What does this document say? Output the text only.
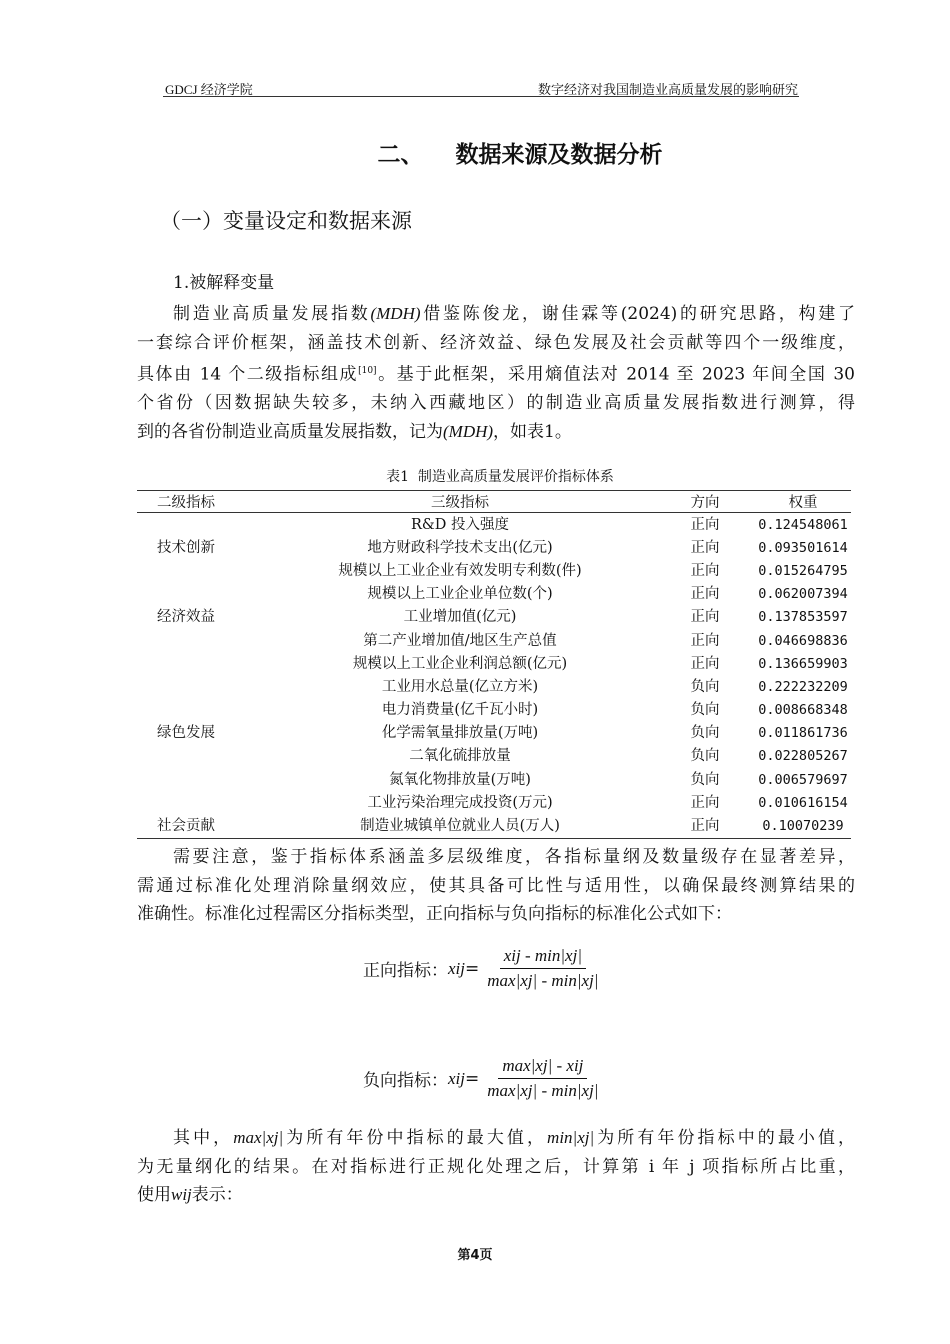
GDCJ 经济学院	数字经济对我国制造业高质量发展的影响研究
二、    数据来源及数据分析
（一）变量设定和数据来源
1.被解释变量
制造业高质量发展指数(MDH)借鉴陈俊龙，谢佳霖等(2024)的研究思路，构建了
一套综合评价框架，涵盖技术创新、经济效益、绿色发展及社会贡献等四个一级维度，
具体由 14 个二级指标组成[10]。基于此框架，采用熵值法对 2014 至 2023 年间全国 30
个省份（因数据缺失较多，未纳入西藏地区）的制造业高质量发展指数进行测算，得
到的各省份制造业高质量发展指数，记为(MDH)，如表1。
表1  制造业高质量发展评价指标体系
二级指标	三级指标	方向	权重
	R&D 投入强度	正向	0.124548061
技术创新	地方财政科学技术支出(亿元)	正向	0.093501614
	规模以上工业企业有效发明专利数(件)	正向	0.015264795
	规模以上工业企业单位数(个)	正向	0.062007394
经济效益	工业增加值(亿元)	正向	0.137853597
	第二产业增加值/地区生产总值	正向	0.046698836
	规模以上工业企业利润总额(亿元)	正向	0.136659903
	工业用水总量(亿立方米)	负向	0.222232209
	电力消费量(亿千瓦小时)	负向	0.008668348
绿色发展	化学需氧量排放量(万吨)	负向	0.011861736
	二氧化硫排放量	负向	0.022805267
	氮氧化物排放量(万吨)	负向	0.006579697
	工业污染治理完成投资(万元)	正向	0.010616154
社会贡献	制造业城镇单位就业人员(万人)	正向	0.10070239
需要注意，鉴于指标体系涵盖多层级维度，各指标量纲及数量级存在显著差异，
需通过标准化处理消除量纲效应，使其具备可比性与适用性，以确保最终测算结果的
准确性。标准化过程需区分指标类型，正向指标与负向指标的标准化公式如下：
正向指标： xij = $\frac{\text{xij - min|xj|}}{\max|xj| - \min|xj|}$
负向指标： xij = $\frac{\text{max|xj| - xij}}{\max|xj| - \min|xj|}$
其中，max|xj|为所有年份中指标的最大值，min|xj|为所有年份指标中的最小值，
为无量纲化的结果。在对指标进行正规化处理之后，计算第 i 年 j 项指标所占比重，
使用wij表示：
第4页
